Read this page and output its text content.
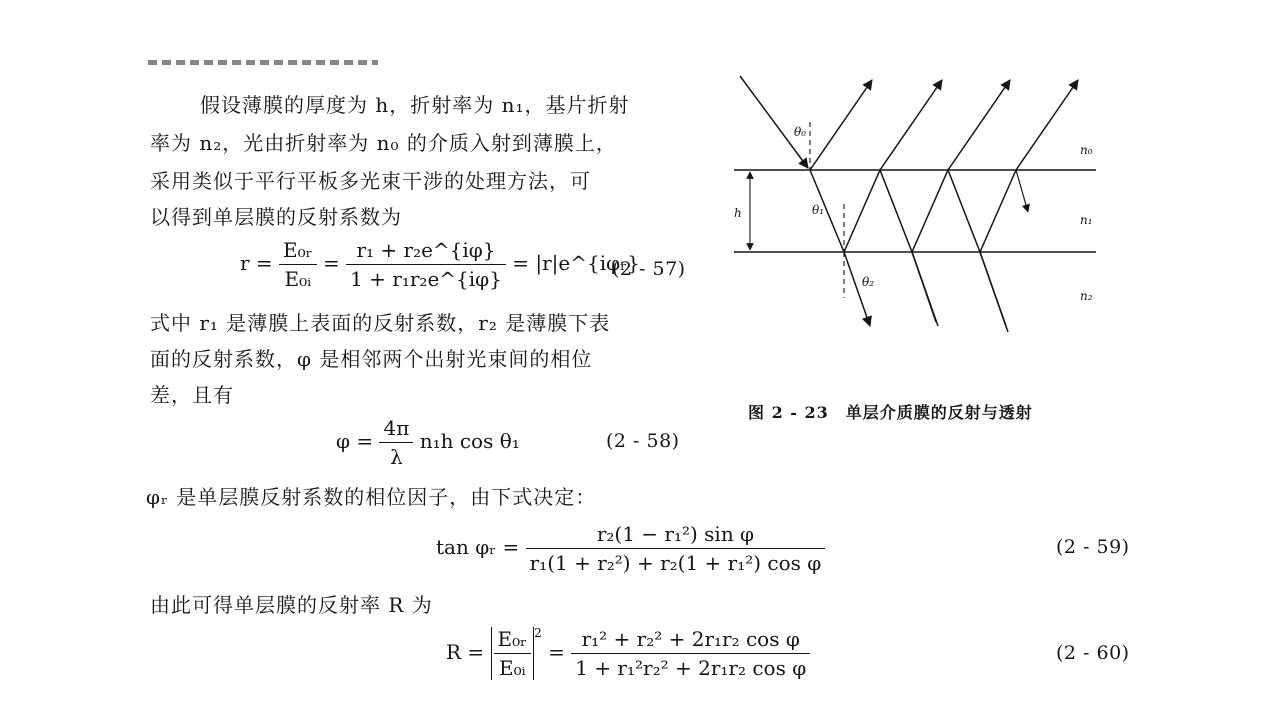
假设薄膜的厚度为 h，折射率为 n₁，基片折射
率为 n₂，光由折射率为 n₀ 的介质入射到薄膜上，
采用类似于平行平板多光束干涉的处理方法，可
以得到单层膜的反射系数为
$r = \frac{\text{E₀ᵣ}}{\text{E₀ᵢ}} = \frac{\text{r₁ + r₂e\textasciicircum{}\{iφ\}}}{\text{1 + r₁r₂e\textasciicircum{}\{iφ\}}}$ = |r|e^{iφᵣ}
(2 - 57)
式中 r₁ 是薄膜上表面的反射系数，r₂ 是薄膜下表
面的反射系数，φ 是相邻两个出射光束间的相位
差，且有
$\varphi = \frac{4\pi}{\lambda} n_1h$ cos θ₁	(2 - 58)
φᵣ 是单层膜反射系数的相位因子，由下式决定：
tan φᵣ = $\frac{\text{r₂(1 − r₁²) sin φ}}{\text{r₁(1 + r₂²) + r₂(1 + r₁²) cos φ}}$	(2 - 59)
由此可得单层膜的反射率 R 为
$R = \frac{\text{E₀ᵣ}}{\text{E₀ᵢ}} ^2 = \frac{\text{r₁² + r₂² + 2r₁r₂ cos φ}}{\text{1 + r₁²r₂² + 2r₁r₂ cos φ}}$	(2 - 60)
n₀
n₁
n₂
h
θ₀
θ₁
θ₂
图 2 - 23　单层介质膜的反射与透射
